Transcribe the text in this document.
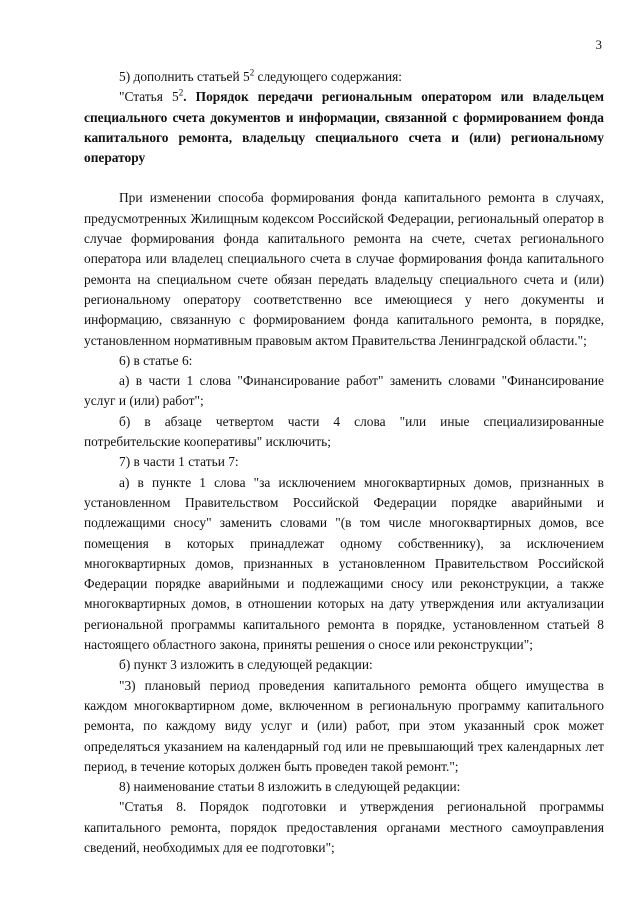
3

5) дополнить статьей $5^2$ следующего содержания:

"Статья $5^2$. Порядок передачи региональным оператором или владельцем специального счета документов и информации, связанной с формированием фонда капитального ремонта, владельцу специального счета и (или) региональному оператору

При изменении способа формирования фонда капитального ремонта в случаях, предусмотренных Жилищным кодексом Российской Федерации, региональный оператор в случае формирования фонда капитального ремонта на счете, счетах регионального оператора или владелец специального счета в случае формирования фонда капитального ремонта на специальном счете обязан передать владельцу специального счета и (или) региональному оператору соответственно все имеющиеся у него документы и информацию, связанную с формированием фонда капитального ремонта, в порядке, установленном нормативным правовым актом Правительства Ленинградской области.";

6) в статье 6:

а) в части 1 слова "Финансирование работ" заменить словами "Финансирование услуг и (или) работ";

б) в абзаце четвертом части 4 слова "или иные специализированные потребительские кооперативы" исключить;

7) в части 1 статьи 7:

а) в пункте 1 слова "за исключением многоквартирных домов, признанных в установленном Правительством Российской Федерации порядке аварийными и подлежащими сносу" заменить словами "(в том числе многоквартирных домов, все помещения в которых принадлежат одному собственнику), за исключением многоквартирных домов, признанных в установленном Правительством Российской Федерации порядке аварийными и подлежащими сносу или реконструкции, а также многоквартирных домов, в отношении которых на дату утверждения или актуализации региональной программы капитального ремонта в порядке, установленном статьей 8 настоящего областного закона, приняты решения о сносе или реконструкции";

б) пункт 3 изложить в следующей редакции:

"3) плановый период проведения капитального ремонта общего имущества в каждом многоквартирном доме, включенном в региональную программу капитального ремонта, по каждому виду услуг и (или) работ, при этом указанный срок может определяться указанием на календарный год или не превышающий трех календарных лет период, в течение которых должен быть проведен такой ремонт.";

8) наименование статьи 8 изложить в следующей редакции:

"Статья 8. Порядок подготовки и утверждения региональной программы капитального ремонта, порядок предоставления органами местного самоуправления сведений, необходимых для ее подготовки";
